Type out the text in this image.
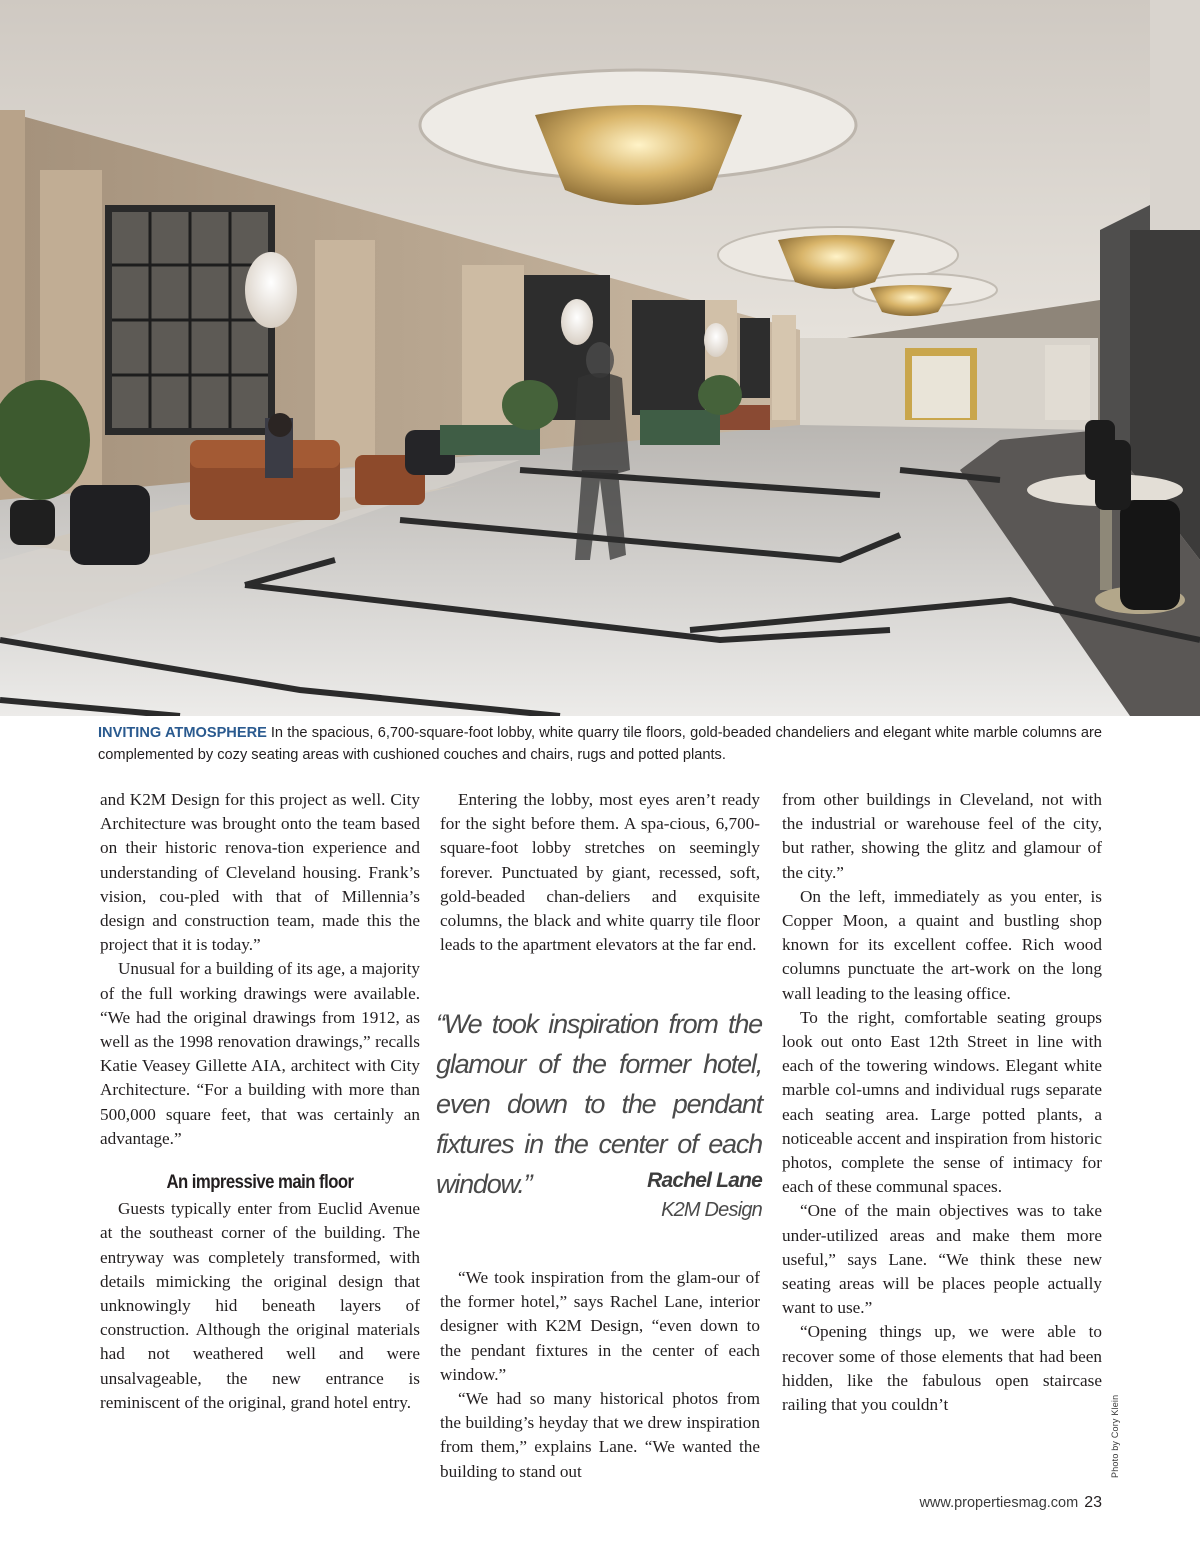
Photo by Cory Klein
INVITING ATMOSPHERE In the spacious, 6,700-square-foot lobby, white quarry tile floors, gold-beaded chandeliers and elegant white marble columns are complemented by cozy seating areas with cushioned couches and chairs, rugs and potted plants.

and K2M Design for this project as well. City Architecture was brought onto the team based on their historic renova-tion experience and understanding of Cleveland housing. Frank’s vision, cou-pled with that of Millennia’s design and construction team, made this the project that it is today.”

Unusual for a building of its age, a majority of the full working drawings were available. “We had the original drawings from 1912, as well as the 1998 renovation drawings,” recalls Katie Veasey Gillette AIA, architect with City Architecture. “For a building with more than 500,000 square feet, that was certainly an advantage.”

An impressive main floor

Guests typically enter from Euclid Avenue at the southeast corner of the building. The entryway was completely transformed, with details mimicking the original design that unknowingly hid beneath layers of construction. Although the original materials had not weathered well and were unsalvageable, the new entrance is reminiscent of the original, grand hotel entry.

Entering the lobby, most eyes aren’t ready for the sight before them. A spa-cious, 6,700-square-foot lobby stretches on seemingly forever. Punctuated by giant, recessed, soft, gold-beaded chan-deliers and exquisite columns, the black and white quarry tile floor leads to the apartment elevators at the far end.

“We took inspiration from the glamour of the former hotel, even down to the pendant fixtures in the center of each window.”	Rachel Lane
K2M Design

“We took inspiration from the glam-our of the former hotel,” says Rachel Lane, interior designer with K2M Design, “even down to the pendant fixtures in the center of each window.”

“We had so many historical photos from the building’s heyday that we drew inspiration from them,” explains Lane. “We wanted the building to stand out

from other buildings in Cleveland, not with the industrial or warehouse feel of the city, but rather, showing the glitz and glamour of the city.”

On the left, immediately as you enter, is Copper Moon, a quaint and bustling shop known for its excellent coffee. Rich wood columns punctuate the art-work on the long wall leading to the leasing office.

To the right, comfortable seating groups look out onto East 12th Street in line with each of the towering windows. Elegant white marble col-umns and individual rugs separate each seating area. Large potted plants, a noticeable accent and inspiration from historic photos, complete the sense of intimacy for each of these communal spaces.

“One of the main objectives was to take under-utilized areas and make them more useful,” says Lane. “We think these new seating areas will be places people actually want to use.”

“Opening things up, we were able to recover some of those elements that had been hidden, like the fabulous open staircase railing that you couldn’t

www.propertiesmag.com 23
